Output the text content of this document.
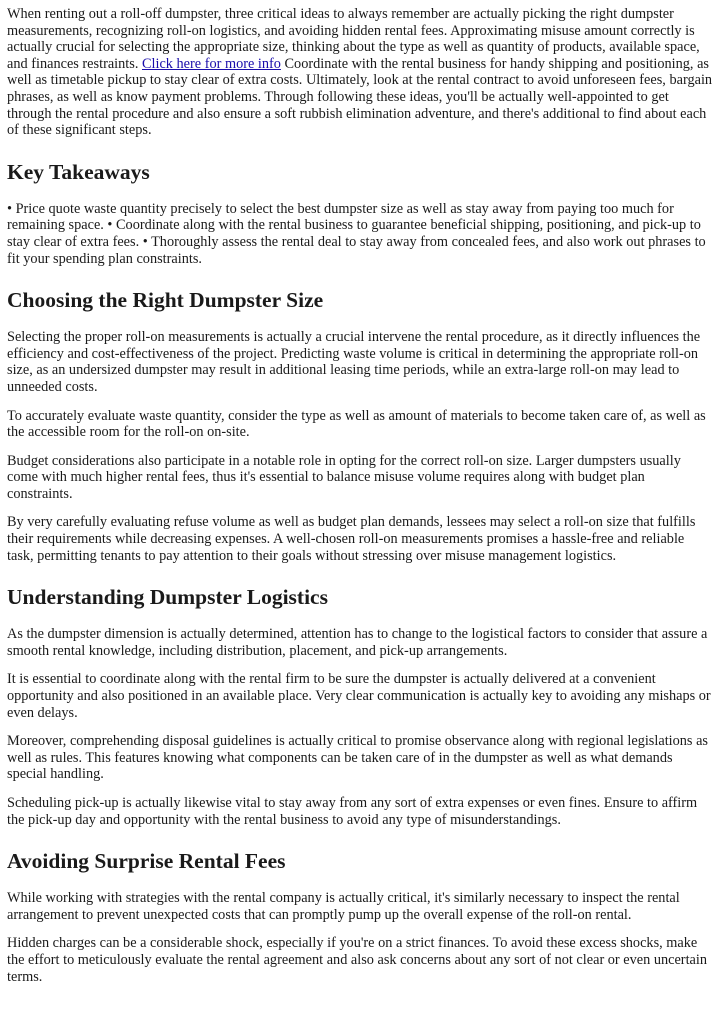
When renting out a roll-off dumpster, three critical ideas to always remember are actually picking the right dumpster measurements, recognizing roll-on logistics, and avoiding hidden rental fees. Approximating misuse amount correctly is actually crucial for selecting the appropriate size, thinking about the type as well as quantity of products, available space, and finances restraints. Click here for more info Coordinate with the rental business for handy shipping and positioning, as well as timetable pickup to stay clear of extra costs. Ultimately, look at the rental contract to avoid unforeseen fees, bargain phrases, as well as know payment problems. Through following these ideas, you'll be actually well-appointed to get through the rental procedure and also ensure a soft rubbish elimination adventure, and there's additional to find about each of these significant steps.

Key Takeaways

• Price quote waste quantity precisely to select the best dumpster size as well as stay away from paying too much for remaining space. • Coordinate along with the rental business to guarantee beneficial shipping, positioning, and pick-up to stay clear of extra fees. • Thoroughly assess the rental deal to stay away from concealed fees, and also work out phrases to fit your spending plan constraints.

Choosing the Right Dumpster Size

Selecting the proper roll-on measurements is actually a crucial intervene the rental procedure, as it directly influences the efficiency and cost-effectiveness of the project. Predicting waste volume is critical in determining the appropriate roll-on size, as an undersized dumpster may result in additional leasing time periods, while an extra-large roll-on may lead to unneeded costs.

To accurately evaluate waste quantity, consider the type as well as amount of materials to become taken care of, as well as the accessible room for the roll-on on-site.

Budget considerations also participate in a notable role in opting for the correct roll-on size. Larger dumpsters usually come with much higher rental fees, thus it's essential to balance misuse volume requires along with budget plan constraints.

By very carefully evaluating refuse volume as well as budget plan demands, lessees may select a roll-on size that fulfills their requirements while decreasing expenses. A well-chosen roll-on measurements promises a hassle-free and reliable task, permitting tenants to pay attention to their goals without stressing over misuse management logistics.

Understanding Dumpster Logistics

As the dumpster dimension is actually determined, attention has to change to the logistical factors to consider that assure a smooth rental knowledge, including distribution, placement, and pick-up arrangements.

It is essential to coordinate along with the rental firm to be sure the dumpster is actually delivered at a convenient opportunity and also positioned in an available place. Very clear communication is actually key to avoiding any mishaps or even delays.

Moreover, comprehending disposal guidelines is actually critical to promise observance along with regional legislations as well as rules. This features knowing what components can be taken care of in the dumpster as well as what demands special handling.

Scheduling pick-up is actually likewise vital to stay away from any sort of extra expenses or even fines. Ensure to affirm the pick-up day and opportunity with the rental business to avoid any type of misunderstandings.

Avoiding Surprise Rental Fees

While working with strategies with the rental company is actually critical, it's similarly necessary to inspect the rental arrangement to prevent unexpected costs that can promptly pump up the overall expense of the roll-on rental.

Hidden charges can be a considerable shock, especially if you're on a strict finances. To avoid these excess shocks, make the effort to meticulously evaluate the rental agreement and also ask concerns about any sort of not clear or even uncertain terms.
